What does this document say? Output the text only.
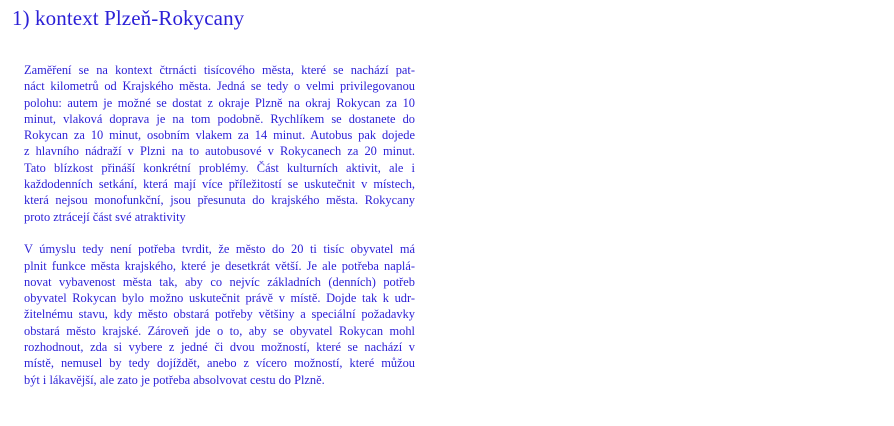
1) kontext Plzeň-Rokycany

Zaměření se na kontext čtrnácti tisícového města, které se nachází pat-
náct kilometrů od Krajského města. Jedná se tedy o velmi privilegovanou
polohu: autem je možné se dostat z okraje Plzně na okraj Rokycan za 10
minut, vlaková doprava je na tom podobně. Rychlíkem se dostanete do
Rokycan za 10 minut, osobním vlakem za 14 minut. Autobus pak dojede
z hlavního nádraží v Plzni na to autobusové v Rokycanech za 20 minut.
Tato blízkost přináší konkrétní problémy. Část kulturních aktivit, ale i
každodenních setkání, která mají více příležitostí se uskutečnit v místech,
která nejsou monofunkční, jsou přesunuta do krajského města. Rokycany
proto ztrácejí část své atraktivity

V úmyslu tedy není potřeba tvrdit, že město do 20 ti tisíc obyvatel má
plnit funkce města krajského, které je desetkrát větší. Je ale potřeba naplá-
novat vybavenost města tak, aby co nejvíc základních (denních) potřeb
obyvatel Rokycan bylo možno uskutečnit právě v místě. Dojde tak k udr-
žitelnému stavu, kdy město obstará potřeby většiny a speciální požadavky
obstará město krajské. Zároveň jde o to, aby se obyvatel Rokycan mohl
rozhodnout, zda si vybere z jedné či dvou možností, které se nachází v
místě, nemusel by tedy dojíždět, anebo z vícero možností, které můžou
být i lákavější, ale zato je potřeba absolvovat cestu do Plzně.
